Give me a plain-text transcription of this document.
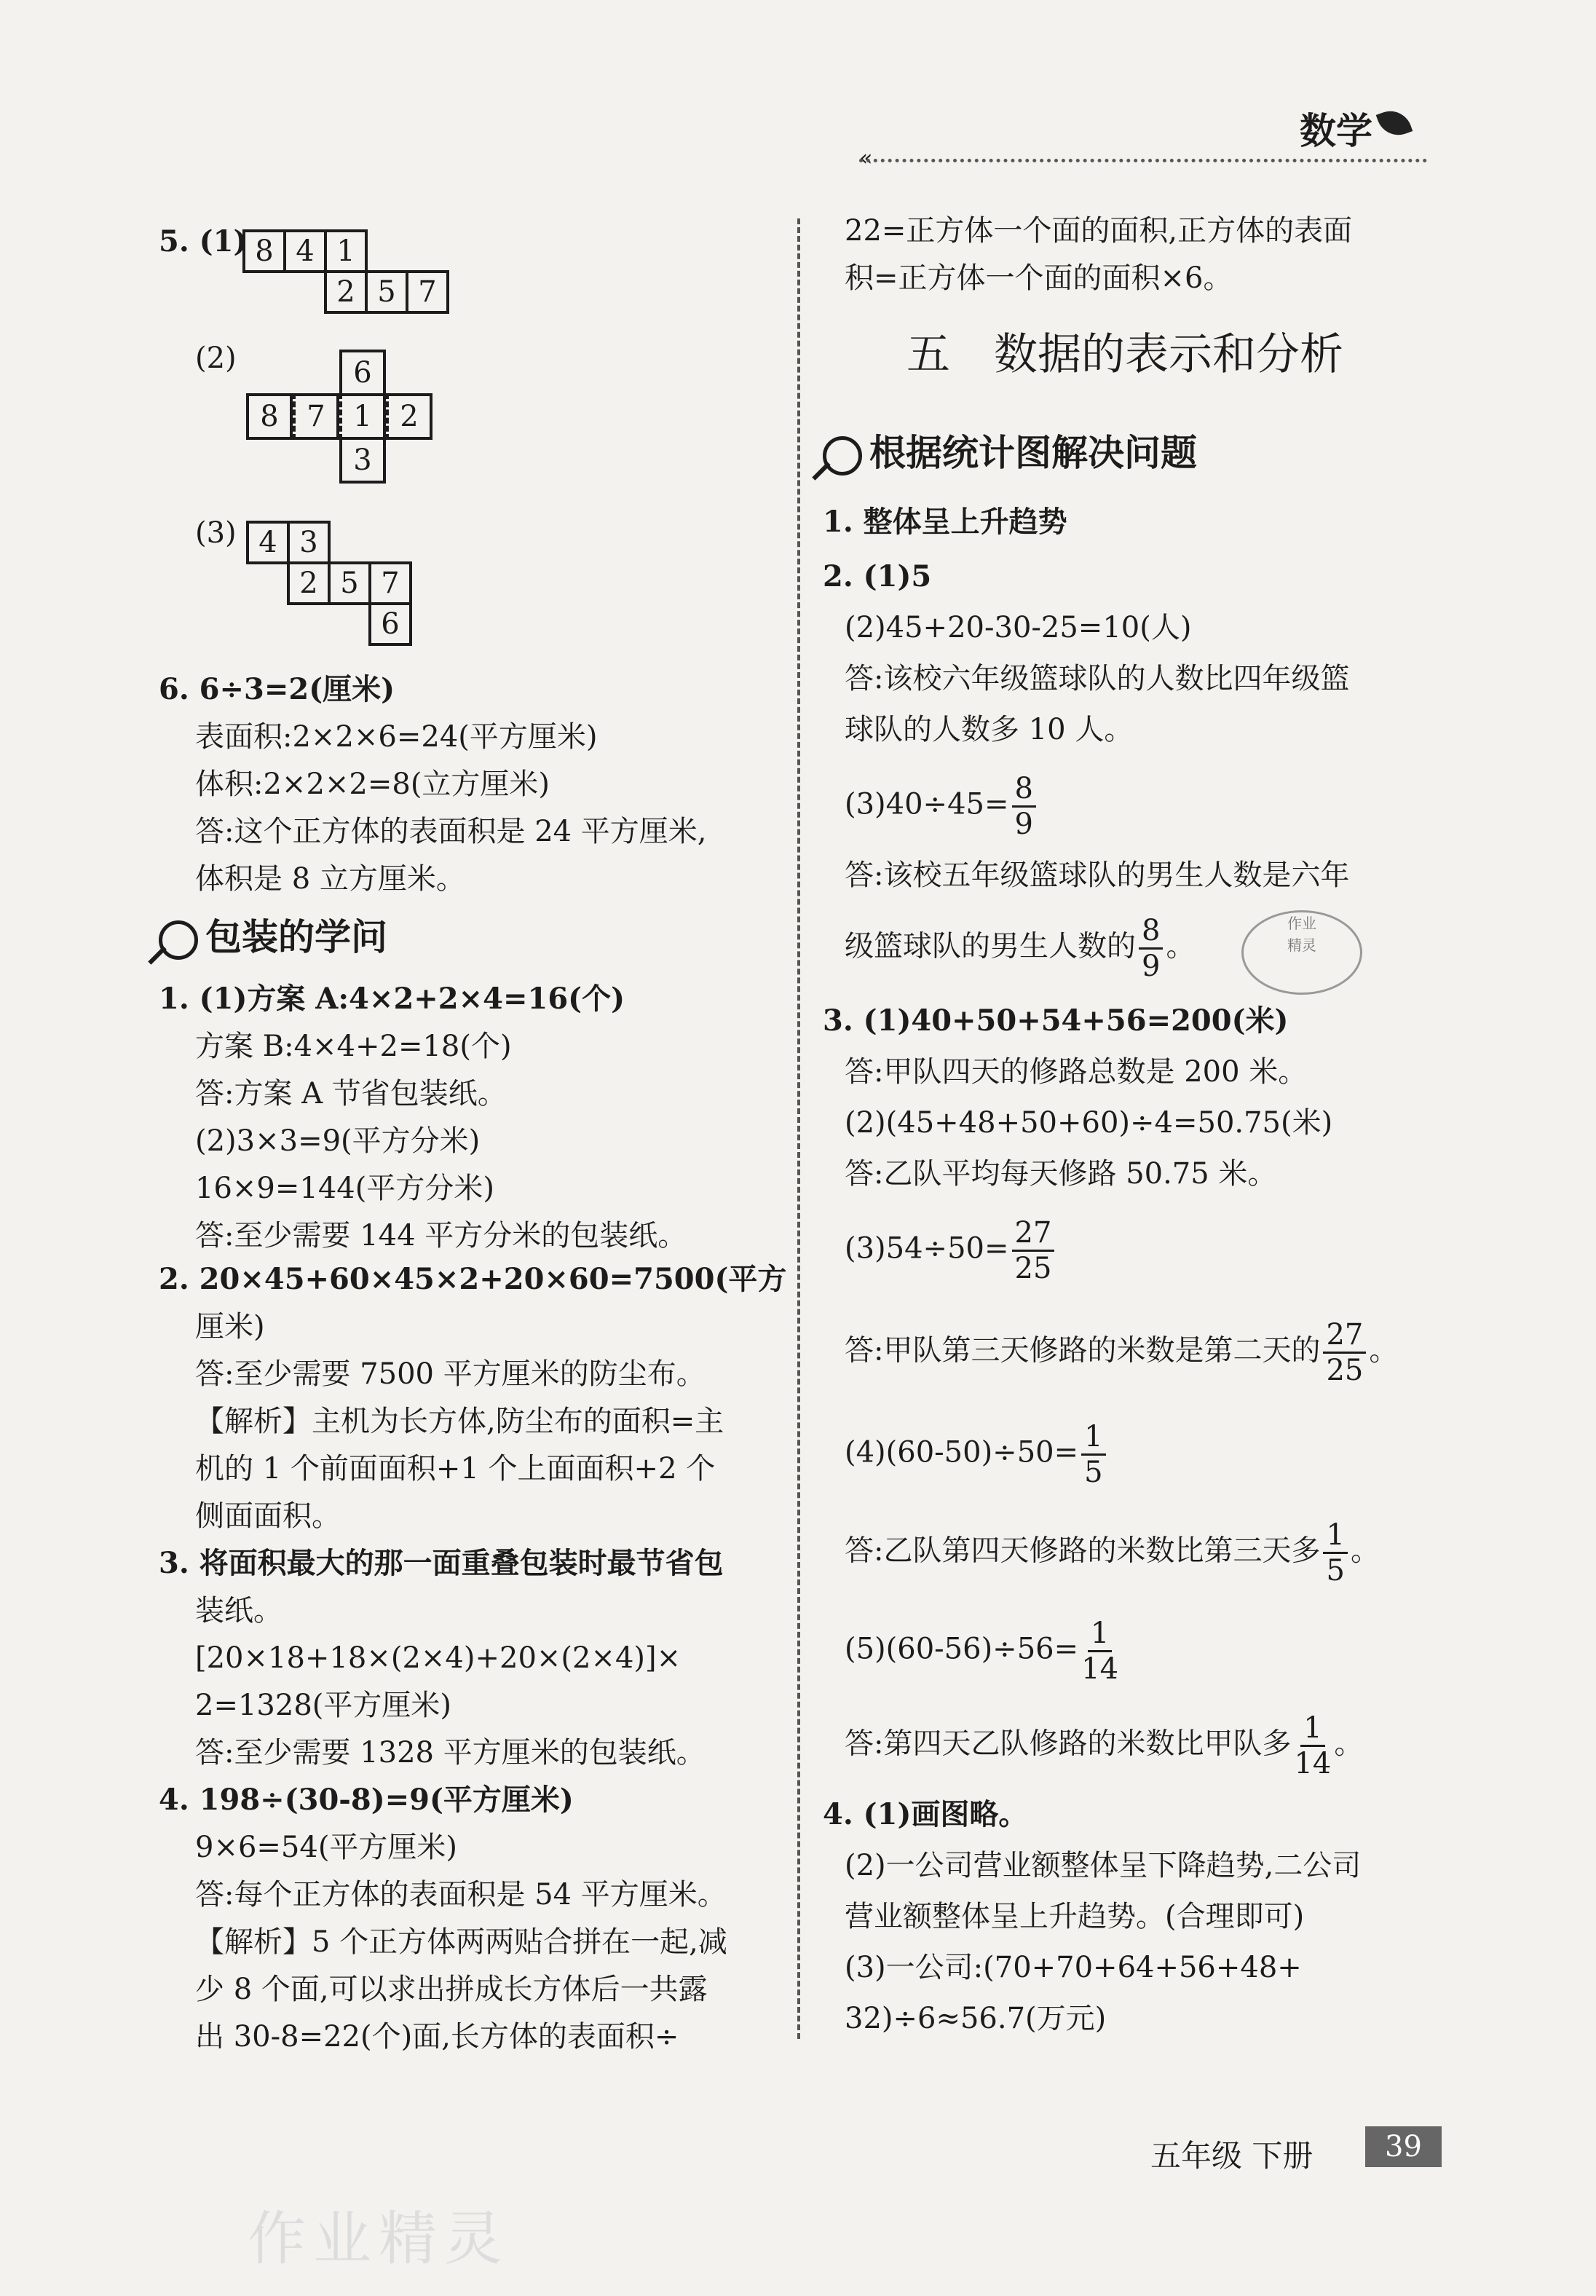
数学
«
5. (1) 8 4 1
2 5 7
(2)	6
8 7 1 2
3
(3) 4 3
2 5 7
6
6. 6÷3=2(厘米)
表面积:2×2×6=24(平方厘米)
体积:2×2×2=8(立方厘米)
答:这个正方体的表面积是 24 平方厘米,
体积是 8 立方厘米。
包装的学问
1. (1)方案 A:4×2+2×4=16(个)
方案 B:4×4+2=18(个)
答:方案 A 节省包装纸。
(2)3×3=9(平方分米)
16×9=144(平方分米)
答:至少需要 144 平方分米的包装纸。
2. 20×45+60×45×2+20×60=7500(平方
厘米)
答:至少需要 7500 平方厘米的防尘布。
【解析】主机为长方体,防尘布的面积=主
机的 1 个前面面积+1 个上面面积+2 个
侧面面积。
3. 将面积最大的那一面重叠包装时最节省包
装纸。
[20×18+18×(2×4)+20×(2×4)]×
2=1328(平方厘米)
答:至少需要 1328 平方厘米的包装纸。
4. 198÷(30-8)=9(平方厘米)
9×6=54(平方厘米)
答:每个正方体的表面积是 54 平方厘米。
【解析】5 个正方体两两贴合拼在一起,减
少 8 个面,可以求出拼成长方体后一共露
出 30-8=22(个)面,长方体的表面积÷
22=正方体一个面的面积,正方体的表面
积=正方体一个面的面积×6。
五　数据的表示和分析
根据统计图解决问题
1. 整体呈上升趋势
2. (1)5
(2)45+20-30-25=10(人)
答:该校六年级篮球队的人数比四年级篮
球队的人数多 10 人。
$(3)40\div 45= \frac{8}{9}$
答:该校五年级篮球队的男生人数是六年
级篮球队的男生人数的 $\frac{8}{9}$ 。
3. (1)40+50+54+56=200(米)
答:甲队四天的修路总数是 200 米。
(2)(45+48+50+60)÷4=50.75(米)
答:乙队平均每天修路 50.75 米。
$(3)54\div 50= \frac{27}{25}$
答:甲队第三天修路的米数是第二天的 $\frac{27}{25}$ 。
$(4)(60-50)\div 50= \frac{1}{5}$
答:乙队第四天修路的米数比第三天多 $\frac{1}{5}$ 。
$(5)(60-56)\div 56= \frac{1}{14}$
答:第四天乙队修路的米数比甲队多 $\frac{1}{14}$ 。
4. (1)画图略。
(2)一公司营业额整体呈下降趋势,二公司
营业额整体呈上升趋势。(合理即可)
(3)一公司:(70+70+64+56+48+
32)÷6≈56.7(万元)
作业
精灵
五年级 下册	39
作业精灵
